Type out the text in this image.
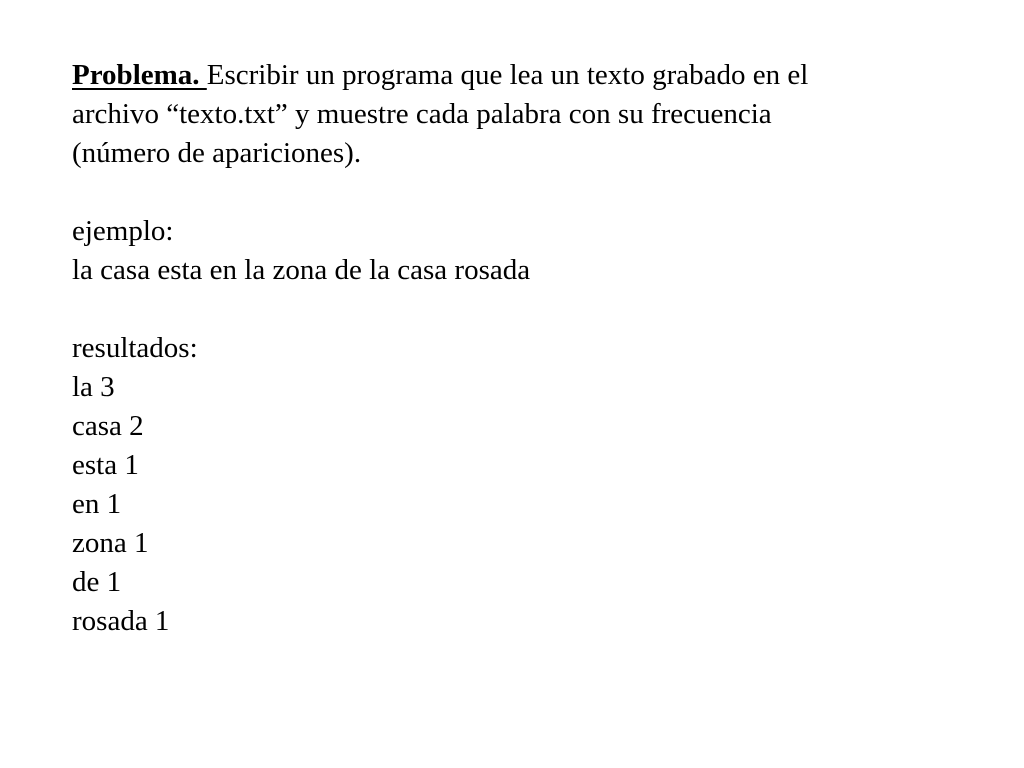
Problema. Escribir un programa que lea un texto grabado en el
archivo “texto.txt” y muestre cada palabra con su frecuencia
(número de apariciones).
ejemplo:
la casa esta en la zona de la casa rosada
resultados:
la 3
casa 2
esta 1
en 1
zona 1
de 1
rosada 1
